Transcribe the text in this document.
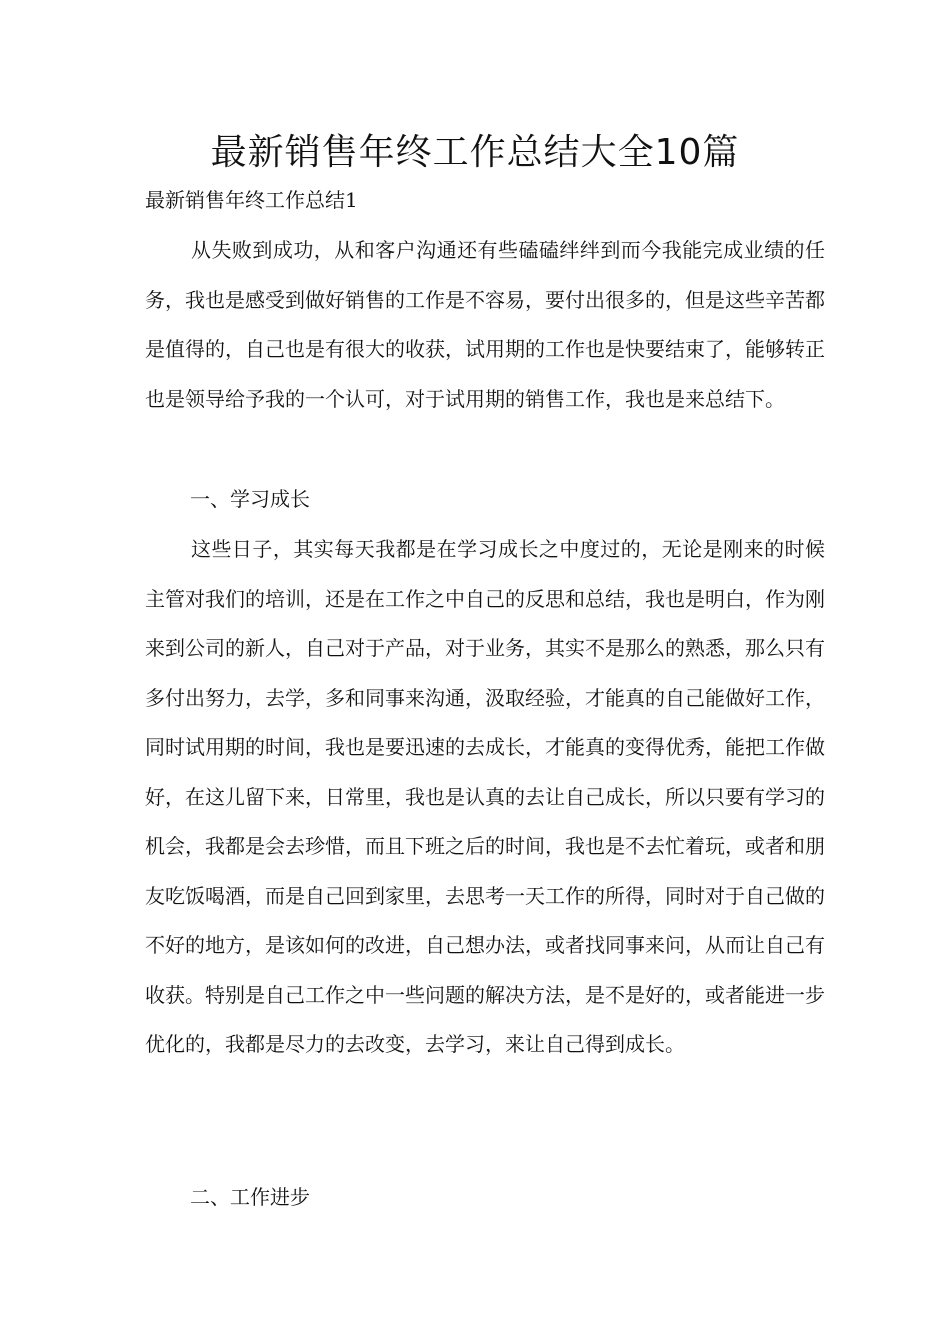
最新销售年终工作总结大全10篇

最新销售年终工作总结1

从失败到成功，从和客户沟通还有些磕磕绊绊到而今我能完成业绩的任务，我也是感受到做好销售的工作是不容易，要付出很多的，但是这些辛苦都是值得的，自己也是有很大的收获，试用期的工作也是快要结束了，能够转正也是领导给予我的一个认可，对于试用期的销售工作，我也是来总结下。

一、学习成长

这些日子，其实每天我都是在学习成长之中度过的，无论是刚来的时候主管对我们的培训，还是在工作之中自己的反思和总结，我也是明白，作为刚来到公司的新人，自己对于产品，对于业务，其实不是那么的熟悉，那么只有多付出努力，去学，多和同事来沟通，汲取经验，才能真的自己能做好工作，同时试用期的时间，我也是要迅速的去成长，才能真的变得优秀，能把工作做好，在这儿留下来，日常里，我也是认真的去让自己成长，所以只要有学习的机会，我都是会去珍惜，而且下班之后的时间，我也是不去忙着玩，或者和朋友吃饭喝酒，而是自己回到家里，去思考一天工作的所得，同时对于自己做的不好的地方，是该如何的改进，自己想办法，或者找同事来问，从而让自己有收获。特别是自己工作之中一些问题的解决方法，是不是好的，或者能进一步优化的，我都是尽力的去改变，去学习，来让自己得到成长。

二、工作进步
